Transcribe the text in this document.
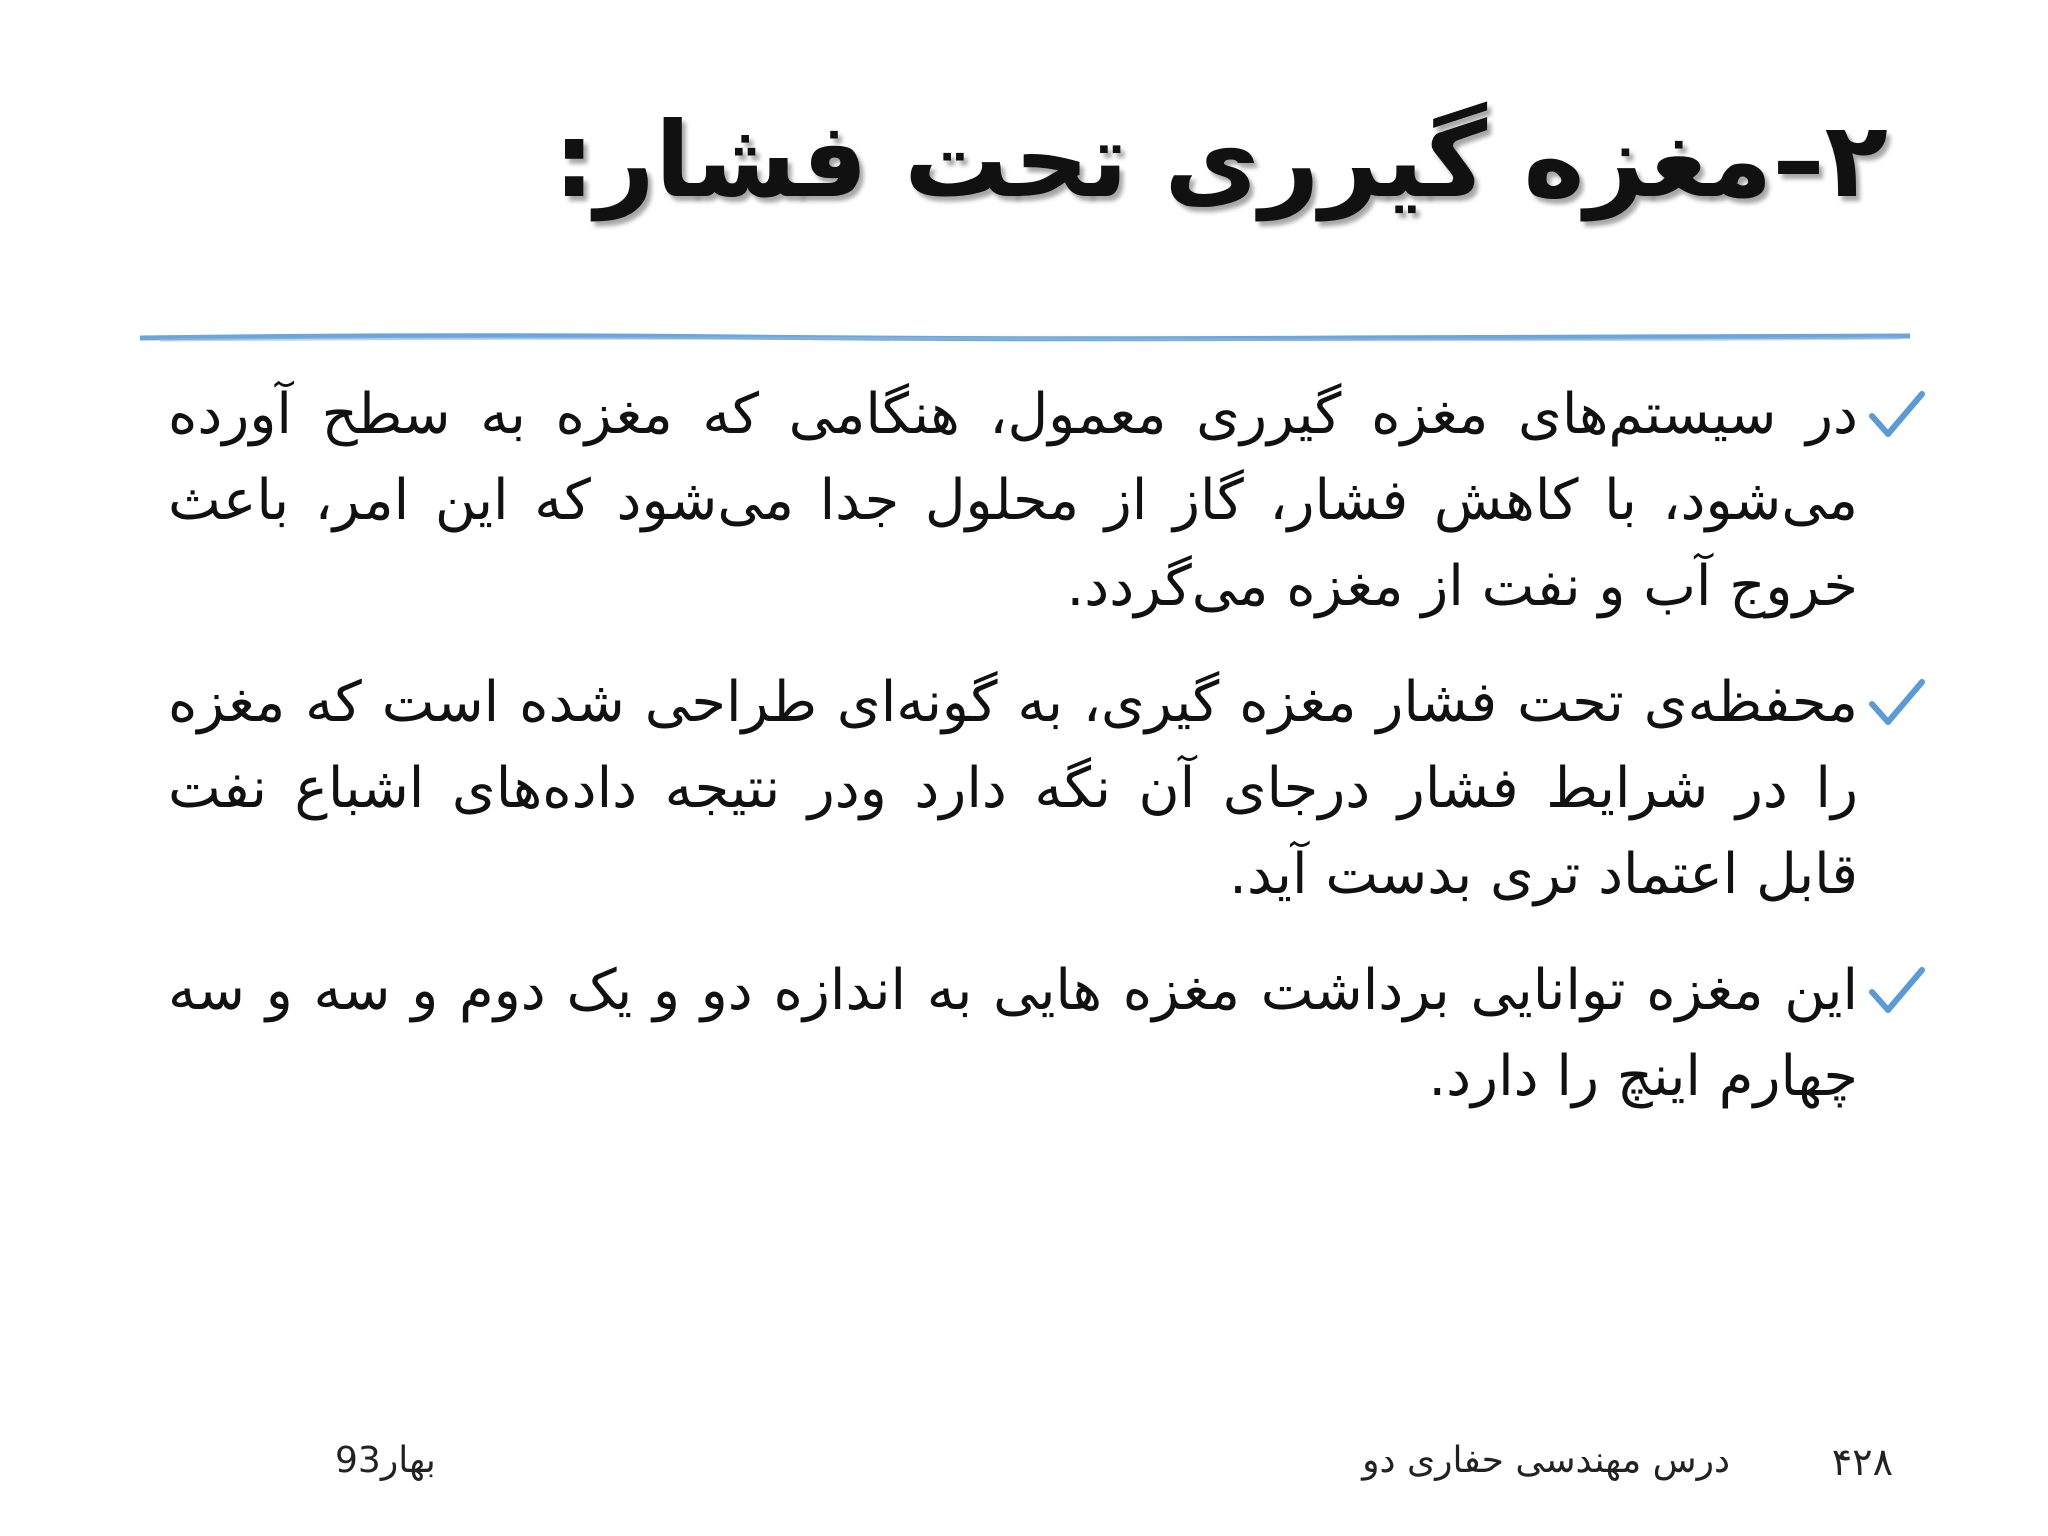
۲–مغزه گیرری تحت فشار:
در سیستم‌های مغزه گیرری معمول، هنگامی که مغزه به سطح آورده می‌شود، با کاهش فشار، گاز از محلول جدا می‌شود که این امر، باعث خروج آب و نفت از مغزه می‌گردد.
محفظه‌ی تحت فشار مغزه گیری، به گونه‌ای طراحی شده است که مغزه را در شرایط فشار درجای آن نگه دارد ودر نتیجه داده‌های اشباع نفت قابل اعتماد تری بدست آید.
این مغزه توانایی برداشت مغزه هایی به اندازه دو و یک دوم و سه و سه چهارم اینچ را دارد.
۴۲۸
درس مهندسی حفاری دو
بهار93
